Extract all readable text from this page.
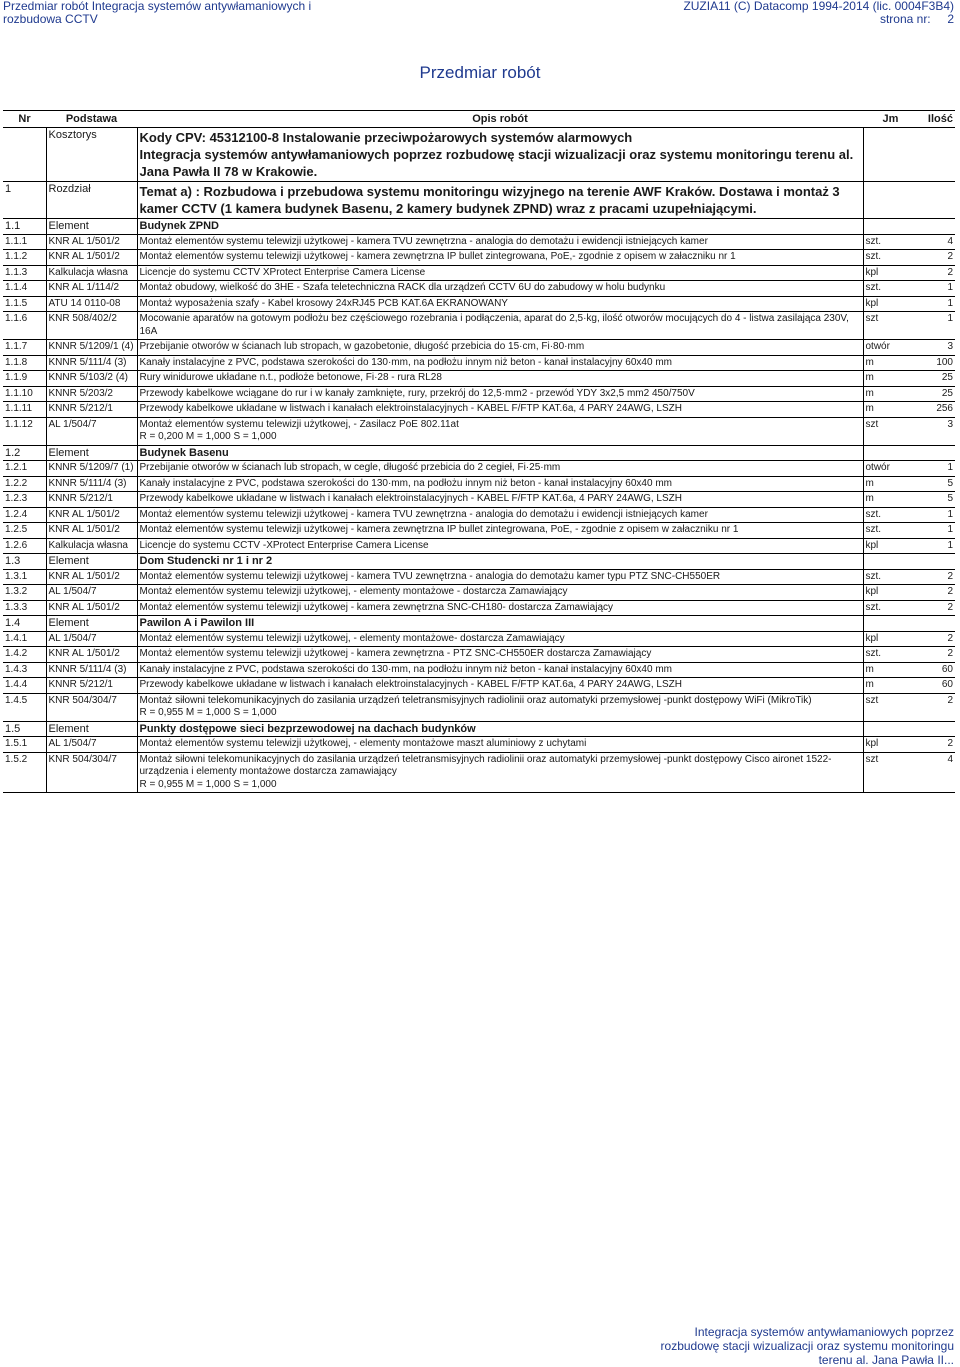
Przedmiar robót Integracja systemów antywłamaniowych i
rozbudowa CCTV
ZUZIA11 (C) Datacomp 1994-2014 (lic. 0004F3B4)
strona nr:     2
Przedmiar robót
Nr	Podstawa	Opis robót	Jm	Ilość
	Kosztorys	Kody CPV: 45312100-8 Instalowanie przeciwpożarowych systemów alarmowych
Integracja systemów antywłamaniowych poprzez rozbudowę stacji wizualizacji oraz systemu monitoringu terenu al. Jana Pawła II 78 w Krakowie.		
1	Rozdział	Temat a) : Rozbudowa i przebudowa systemu monitoringu wizyjnego na terenie AWF Kraków. Dostawa i montaż 3 kamer CCTV (1 kamera budynek Basenu, 2 kamery budynek ZPND) wraz z pracami uzupełniającymi.		
1.1	Element	Budynek ZPND		
1.1.1	KNR AL 1/501/2	Montaż elementów systemu telewizji użytkowej - kamera TVU zewnętrzna - analogia do demotażu i ewidencji istniejących kamer	szt.	4
1.1.2	KNR AL 1/501/2	Montaż elementów systemu telewizji użytkowej - kamera zewnętrzna IP bullet zintegrowana, PoE,- zgodnie z opisem w załaczniku nr 1	szt.	2
1.1.3	Kalkulacja własna	Licencje do systemu CCTV XProtect Enterprise Camera License	kpl	2
1.1.4	KNR AL 1/114/2	Montaż obudowy, wielkość do 3HE - Szafa teletechniczna RACK dla urządzeń CCTV 6U do zabudowy w holu budynku	szt.	1
1.1.5	ATU 14 0110-08	Montaż wyposażenia szafy - Kabel krosowy 24xRJ45 PCB KAT.6A EKRANOWANY	kpl	1
1.1.6	KNR 508/402/2	Mocowanie aparatów na gotowym podłożu bez częściowego rozebrania i podłączenia, aparat do 2,5·kg, ilość otworów mocujących do 4 - listwa zasilająca 230V, 16A	szt	1
1.1.7	KNNR 5/1209/1 (4)	Przebijanie otworów w ścianach lub stropach, w gazobetonie, długość przebicia do 15·cm, Fi·80·mm	otwór	3
1.1.8	KNNR 5/111/4 (3)	Kanały instalacyjne z PVC, podstawa szerokości do 130·mm, na podłożu innym niż beton - kanał instalacyjny 60x40 mm	m	100
1.1.9	KNNR 5/103/2 (4)	Rury winidurowe układane n.t., podłoże betonowe, Fi·28 - rura RL28	m	25
1.1.10	KNNR 5/203/2	Przewody kabelkowe wciągane do rur i w kanały zamknięte, rury, przekrój do 12,5·mm2 - przewód YDY 3x2,5 mm2 450/750V	m	25
1.1.11	KNNR 5/212/1	Przewody kabelkowe układane w listwach i kanałach elektroinstalacyjnych - KABEL F/FTP KAT.6a, 4 PARY 24AWG, LSZH	m	256
1.1.12	AL 1/504/7	Montaż elementów systemu telewizji użytkowej, - Zasilacz PoE 802.11at
R = 0,200 M = 1,000 S = 1,000	szt	3
1.2	Element	Budynek Basenu		
1.2.1	KNNR 5/1209/7 (1)	Przebijanie otworów w ścianach lub stropach, w cegle, długość przebicia do 2 cegieł, Fi·25·mm	otwór	1
1.2.2	KNNR 5/111/4 (3)	Kanały instalacyjne z PVC, podstawa szerokości do 130·mm, na podłożu innym niż beton - kanał instalacyjny 60x40 mm	m	5
1.2.3	KNNR 5/212/1	Przewody kabelkowe układane w listwach i kanałach elektroinstalacyjnych - KABEL F/FTP KAT.6a, 4 PARY 24AWG, LSZH	m	5
1.2.4	KNR AL 1/501/2	Montaż elementów systemu telewizji użytkowej - kamera TVU zewnętrzna - analogia do demotażu i ewidencji istniejących kamer	szt.	1
1.2.5	KNR AL 1/501/2	Montaż elementów systemu telewizji użytkowej - kamera zewnętrzna IP bullet zintegrowana, PoE, - zgodnie z opisem w załaczniku nr 1	szt.	1
1.2.6	Kalkulacja własna	Licencje do systemu CCTV -XProtect Enterprise Camera License	kpl	1
1.3	Element	Dom Studencki nr 1 i nr 2		
1.3.1	KNR AL 1/501/2	Montaż elementów systemu telewizji użytkowej - kamera TVU zewnętrzna - analogia do demotażu kamer typu PTZ SNC-CH550ER	szt.	2
1.3.2	AL 1/504/7	Montaż elementów systemu telewizji użytkowej, - elementy montażowe - dostarcza Zamawiający	kpl	2
1.3.3	KNR AL 1/501/2	Montaż elementów systemu telewizji użytkowej - kamera zewnętrzna SNC-CH180- dostarcza Zamawiający	szt.	2
1.4	Element	Pawilon A i Pawilon III		
1.4.1	AL 1/504/7	Montaż elementów systemu telewizji użytkowej, - elementy montażowe- dostarcza Zamawiający	kpl	2
1.4.2	KNR AL 1/501/2	Montaż elementów systemu telewizji użytkowej - kamera zewnętrzna - PTZ SNC-CH550ER dostarcza Zamawiający	szt.	2
1.4.3	KNNR 5/111/4 (3)	Kanały instalacyjne z PVC, podstawa szerokości do 130·mm, na podłożu innym niż beton - kanał instalacyjny 60x40 mm	m	60
1.4.4	KNNR 5/212/1	Przewody kabelkowe układane w listwach i kanałach elektroinstalacyjnych - KABEL F/FTP KAT.6a, 4 PARY 24AWG, LSZH	m	60
1.4.5	KNR 504/304/7	Montaż siłowni telekomunikacyjnych do zasilania urządzeń teletransmisyjnych radiolinii oraz automatyki przemysłowej -punkt dostępowy WiFi (MikroTik)
R = 0,955 M = 1,000 S = 1,000	szt	2
1.5	Element	Punkty dostępowe sieci bezprzewodowej na dachach budynków		
1.5.1	AL 1/504/7	Montaż elementów systemu telewizji użytkowej, - elementy montażowe maszt aluminiowy z uchytami	kpl	2
1.5.2	KNR 504/304/7	Montaż siłowni telekomunikacyjnych do zasilania urządzeń teletransmisyjnych radiolinii oraz automatyki przemysłowej -punkt dostępowy Cisco aironet 1522- urządzenia i elementy montażowe dostarcza zamawiający
R = 0,955 M = 1,000 S = 1,000	szt	4
Integracja systemów antywłamaniowych poprzez rozbudowę stacji wizualizacji oraz systemu monitoringu terenu al. Jana Pawła II...
